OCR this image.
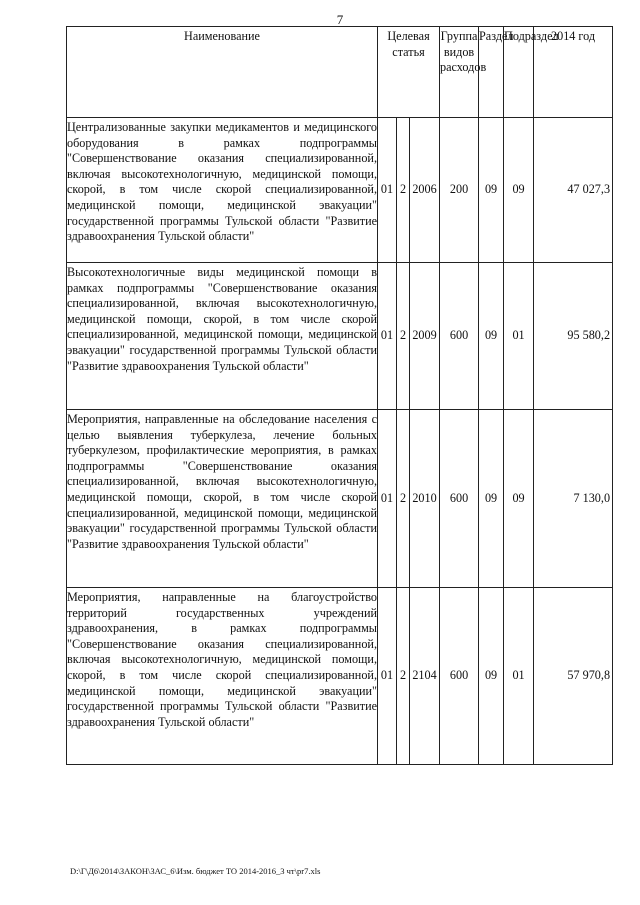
7
Наименование	Целевая статья			Группа видов расходов	Раздел	Подраздел	2014 год

Централизованные закупки медикаментов и медицинского оборудования в рамках подпрограммы "Совершенствование оказания специализированной, включая высокотехнологичную, медицинской помощи, скорой, в том числе скорой специализированной, медицинской помощи, медицинской эвакуации" государственной программы Тульской области "Развитие здравоохранения Тульской области"	01	2	2006	200	09	09	47 027,3

Высокотехнологичные виды медицинской помощи в рамках подпрограммы "Совершенствование оказания специализированной, включая высокотехнологичную, медицинской помощи, скорой, в том числе скорой специализированной, медицинской помощи, медицинской эвакуации" государственной программы Тульской области "Развитие здравоохранения Тульской области"	01	2	2009	600	09	01	95 580,2

Мероприятия, направленные на обследование населения с целью выявления туберкулеза, лечение больных туберкулезом, профилактические мероприятия, в рамках подпрограммы "Совершенствование оказания специализированной, включая высокотехнологичную, медицинской помощи, скорой, в том числе скорой специализированной, медицинской помощи, медицинской эвакуации" государственной программы Тульской области "Развитие здравоохранения Тульской области"	01	2	2010	600	09	09	7 130,0

Мероприятия, направленные на благоустройство территорий государственных учреждений здравоохранения, в рамках подпрограммы "Совершенствование оказания специализированной, включая высокотехнологичную, медицинской помощи, скорой, в том числе скорой специализированной, медицинской помощи, медицинской эвакуации" государственной программы Тульской области "Развитие здравоохранения Тульской области"	01	2	2104	600	09	01	57 970,8
D:\Г\Д6\2014\ЗАКОН\ЗАС_6\Изм. бюджет ТО 2014-2016_3 чт\pr7.xls
